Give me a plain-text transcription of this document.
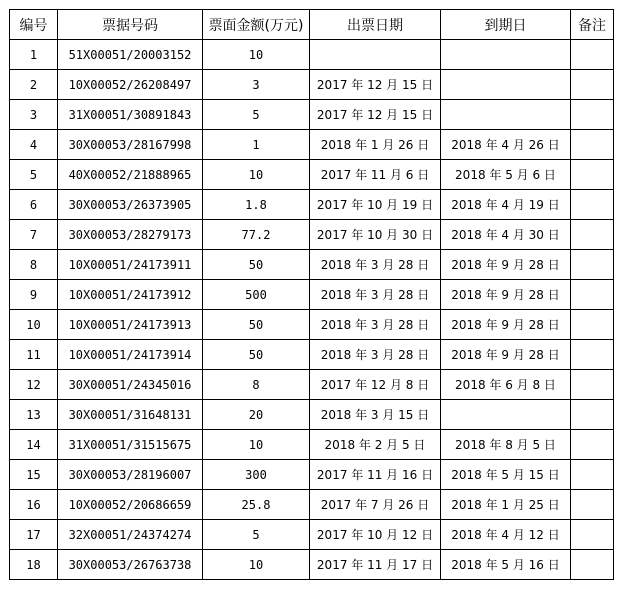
编号	票据号码	票面金额(万元)	出票日期	到期日	备注
1	51X00051/20003152	10			
2	10X00052/26208497	3	2017 年 12 月 15 日		
3	31X00051/30891843	5	2017 年 12 月 15 日		
4	30X00053/28167998	1	2018 年 1 月 26 日	2018 年 4 月 26 日	
5	40X00052/21888965	10	2017 年 11 月 6 日	2018 年 5 月 6 日	
6	30X00053/26373905	1.8	2017 年 10 月 19 日	2018 年 4 月 19 日	
7	30X00053/28279173	77.2	2017 年 10 月 30 日	2018 年 4 月 30 日	
8	10X00051/24173911	50	2018 年 3 月 28 日	2018 年 9 月 28 日	
9	10X00051/24173912	500	2018 年 3 月 28 日	2018 年 9 月 28 日	
10	10X00051/24173913	50	2018 年 3 月 28 日	2018 年 9 月 28 日	
11	10X00051/24173914	50	2018 年 3 月 28 日	2018 年 9 月 28 日	
12	30X00051/24345016	8	2017 年 12 月 8 日	2018 年 6 月 8 日	
13	30X00051/31648131	20	2018 年 3 月 15 日		
14	31X00051/31515675	10	2018 年 2 月 5 日	2018 年 8 月 5 日	
15	30X00053/28196007	300	2017 年 11 月 16 日	2018 年 5 月 15 日	
16	10X00052/20686659	25.8	2017 年 7 月 26 日	2018 年 1 月 25 日	
17	32X00051/24374274	5	2017 年 10 月 12 日	2018 年 4 月 12 日	
18	30X00053/26763738	10	2017 年 11 月 17 日	2018 年 5 月 16 日	
